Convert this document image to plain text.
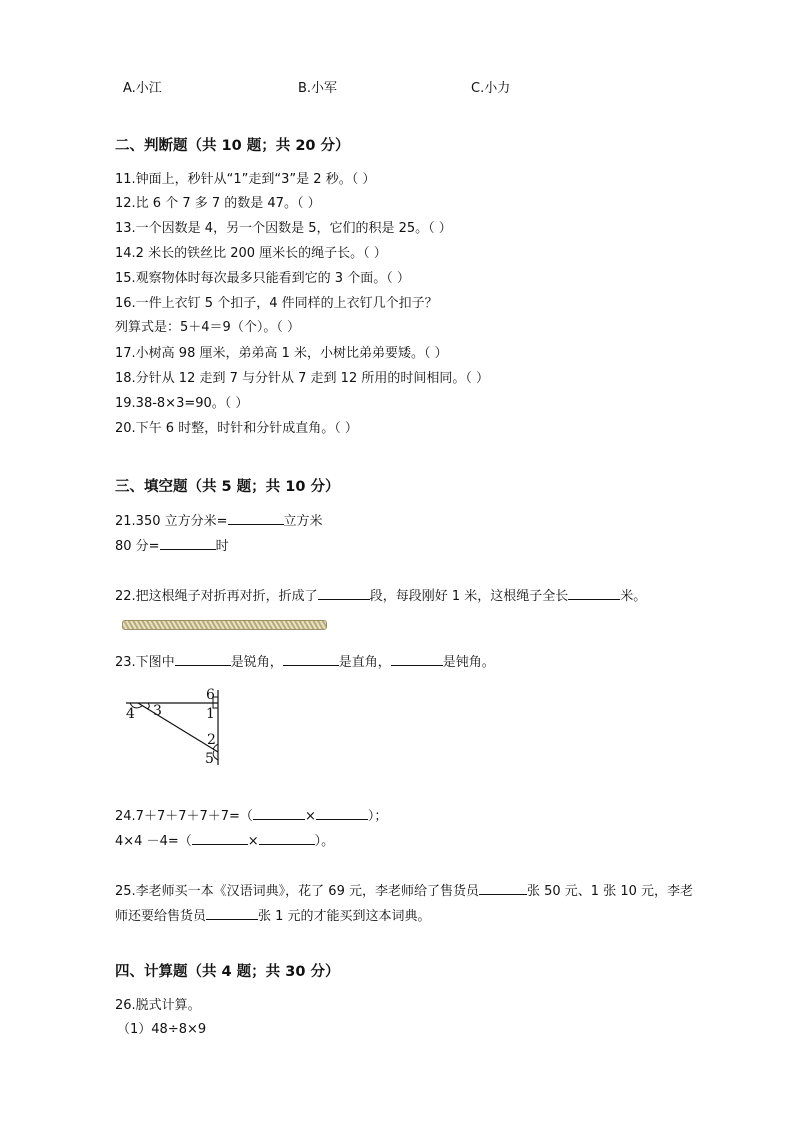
A.小江	B.小军	C.小力
二、判断题（共 10 题；共 20 分）
11.钟面上，秒针从“1”走到“3”是 2 秒。（ ）
12.比 6 个 7 多 7 的数是 47。（ ）
13.一个因数是 4，另一个因数是 5，它们的积是 25。（ ）
14.2 米长的铁丝比 200 厘米长的绳子长。（ ）
15.观察物体时每次最多只能看到它的 3 个面。（ ）
16.一件上衣钉 5 个扣子，4 件同样的上衣钉几个扣子？
列算式是：5＋4＝9（个）。（ ）
17.小树高 98 厘米，弟弟高 1 米，小树比弟弟要矮。（ ）
18.分针从 12 走到 7 与分针从 7 走到 12 所用的时间相同。（ ）
19.38-8×3=90。（ ）
20.下午 6 时整，时针和分针成直角。（ ）
三、填空题（共 5 题；共 10 分）
21.350 立方分米=	立方米
80 分=	时
22.把这根绳子对折再对折，折成了	段，每段刚好 1 米，这根绳子全长	米。
23.下图中	是锐角，	是直角，	是钝角。
6
1
4 3
2
5
24.7＋7＋7＋7＋7=（	×	）；
4×4 －4=（	×	）。
25.李老师买一本《汉语词典》，花了 69 元，李老师给了售货员	张 50 元、1 张 10 元，李老
师还要给售货员	张 1 元的才能买到这本词典。
四、计算题（共 4 题；共 30 分）
26.脱式计算。
（1）48÷8×9
